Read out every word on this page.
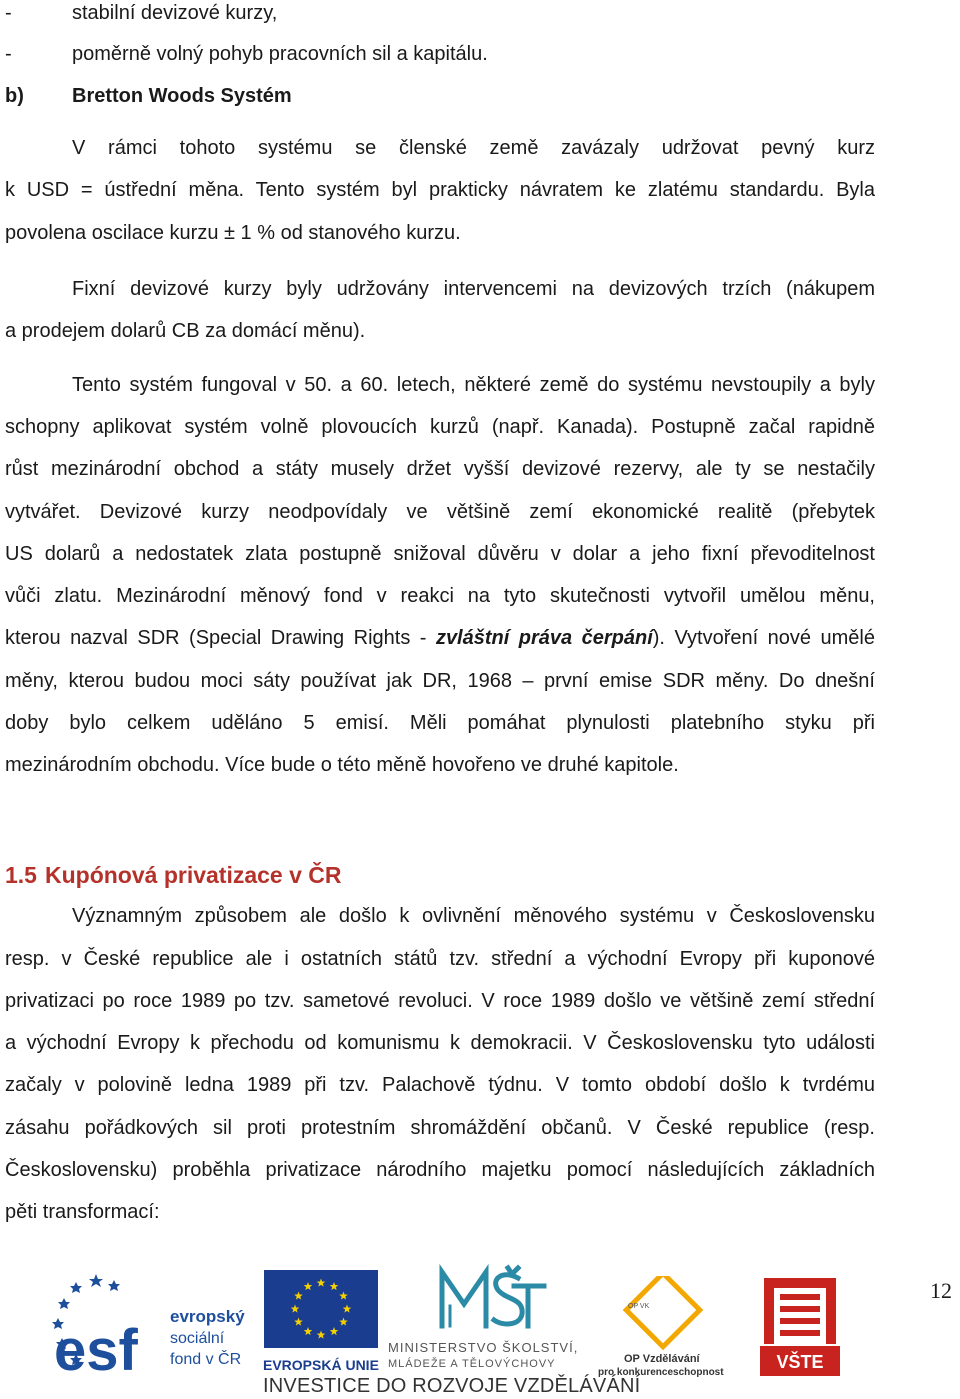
-	stabilní devizové kurzy,
-	poměrně volný pohyb pracovních sil a kapitálu.
b) Bretton Woods Systém
V rámci tohoto systému se členské země zavázaly udržovat pevný kurz
k USD = ústřední měna. Tento systém byl prakticky návratem ke zlatému standardu. Byla
povolena oscilace kurzu ± 1 % od stanového kurzu.
Fixní devizové kurzy byly udržovány intervencemi na devizových trzích (nákupem
a prodejem dolarů CB za domácí měnu).
Tento systém fungoval v 50. a 60. letech, některé země do systému nevstoupily a byly
schopny aplikovat systém volně plovoucích kurzů (např. Kanada). Postupně začal rapidně
růst mezinárodní obchod a státy musely držet vyšší devizové rezervy, ale ty se nestačily
vytvářet. Devizové kurzy neodpovídaly ve většině zemí ekonomické realitě (přebytek
US dolarů a nedostatek zlata postupně snižoval důvěru v dolar a jeho fixní převoditelnost
vůči zlatu. Mezinárodní měnový fond v reakci na tyto skutečnosti vytvořil umělou měnu,
kterou nazval SDR (Special Drawing Rights - zvláštní práva čerpání). Vytvoření nové umělé
měny, kterou budou moci sáty používat jak DR, 1968 – první emise SDR měny. Do dnešní
doby bylo celkem uděláno 5 emisí. Měli pomáhat plynulosti platebního styku při
mezinárodním obchodu. Více bude o této měně hovořeno ve druhé kapitole.
1.5 Kupónová privatizace v ČR
Významným způsobem ale došlo k ovlivnění měnového systému v Československu
resp. v České republice ale i ostatních států tzv. střední a východní Evropy při kuponové
privatizaci po roce 1989 po tzv. sametové revoluci. V roce 1989 došlo ve většině zemí střední
a východní Evropy k přechodu od komunismu k demokracii. V Československu tyto události
začaly v polovině ledna 1989 při tzv. Palachově týdnu. V tomto období došlo k tvrdému
zásahu pořádkových sil proti protestním shromáždění občanů. V České republice (resp.
Československu) proběhla privatizace národního majetku pomocí následujících základních
pěti transformací:
12
esf
evropský
sociální
fond v ČR EVROPSKÁ UNIE
MINISTERSTVO ŠKOLSTVÍ,
MLÁDEŽE A TĚLOVÝCHOVY
OP VK
OP Vzdělávání
pro konkurenceschopnost
VŠTE
INVESTICE DO ROZVOJE VZDĚLÁVÁNÍ
